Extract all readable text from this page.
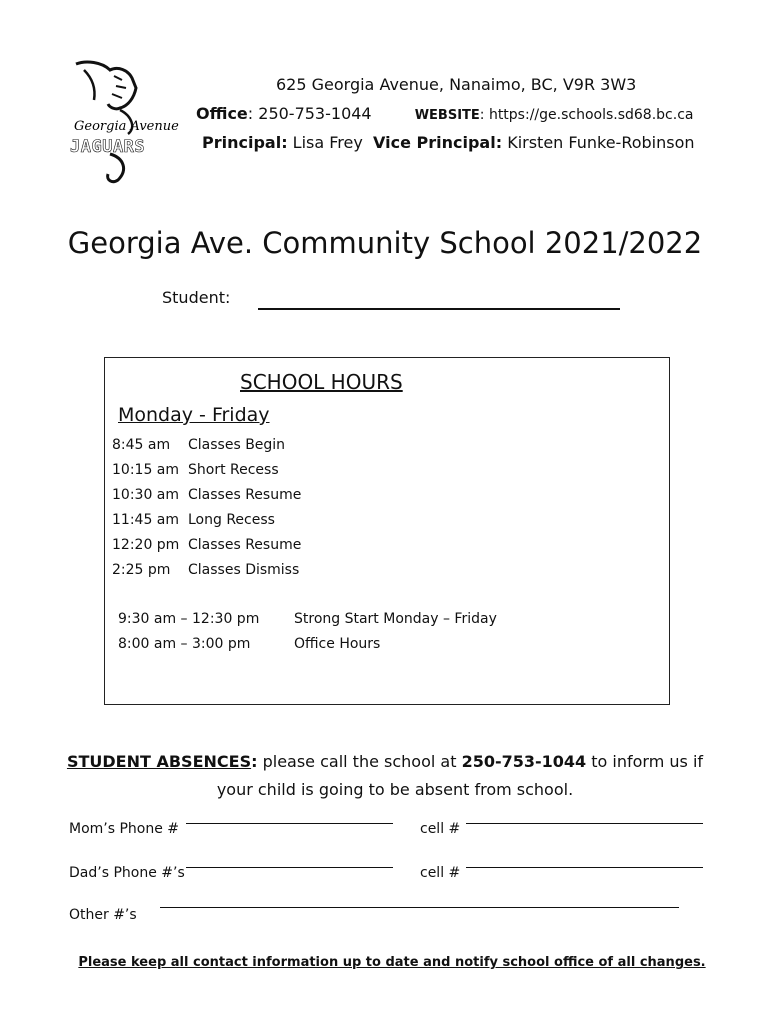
Georgia Avenue
JAGUARS
625 Georgia Avenue, Nanaimo, BC, V9R 3W3
Office: 250-753-1044	WEBSITE: https://ge.schools.sd68.bc.ca
Principal: Lisa Frey Vice Principal: Kirsten Funke-Robinson
Georgia Ave. Community School 2021/2022
Student:
SCHOOL HOURS
Monday - Friday
8:45 am Classes Begin
10:15 am Short Recess
10:30 am Classes Resume
11:45 am Long Recess
12:20 pm Classes Resume
2:25 pm Classes Dismiss
9:30 am – 12:30 pm Strong Start Monday – Friday
8:00 am – 3:00 pm	Office Hours
STUDENT ABSENCES: please call the school at 250-753-1044 to inform us if
your child is going to be absent from school.
Mom’s Phone #	cell #
Dad’s Phone #’s	cell #
Other #’s
Please keep all contact information up to date and notify school office of all changes.
